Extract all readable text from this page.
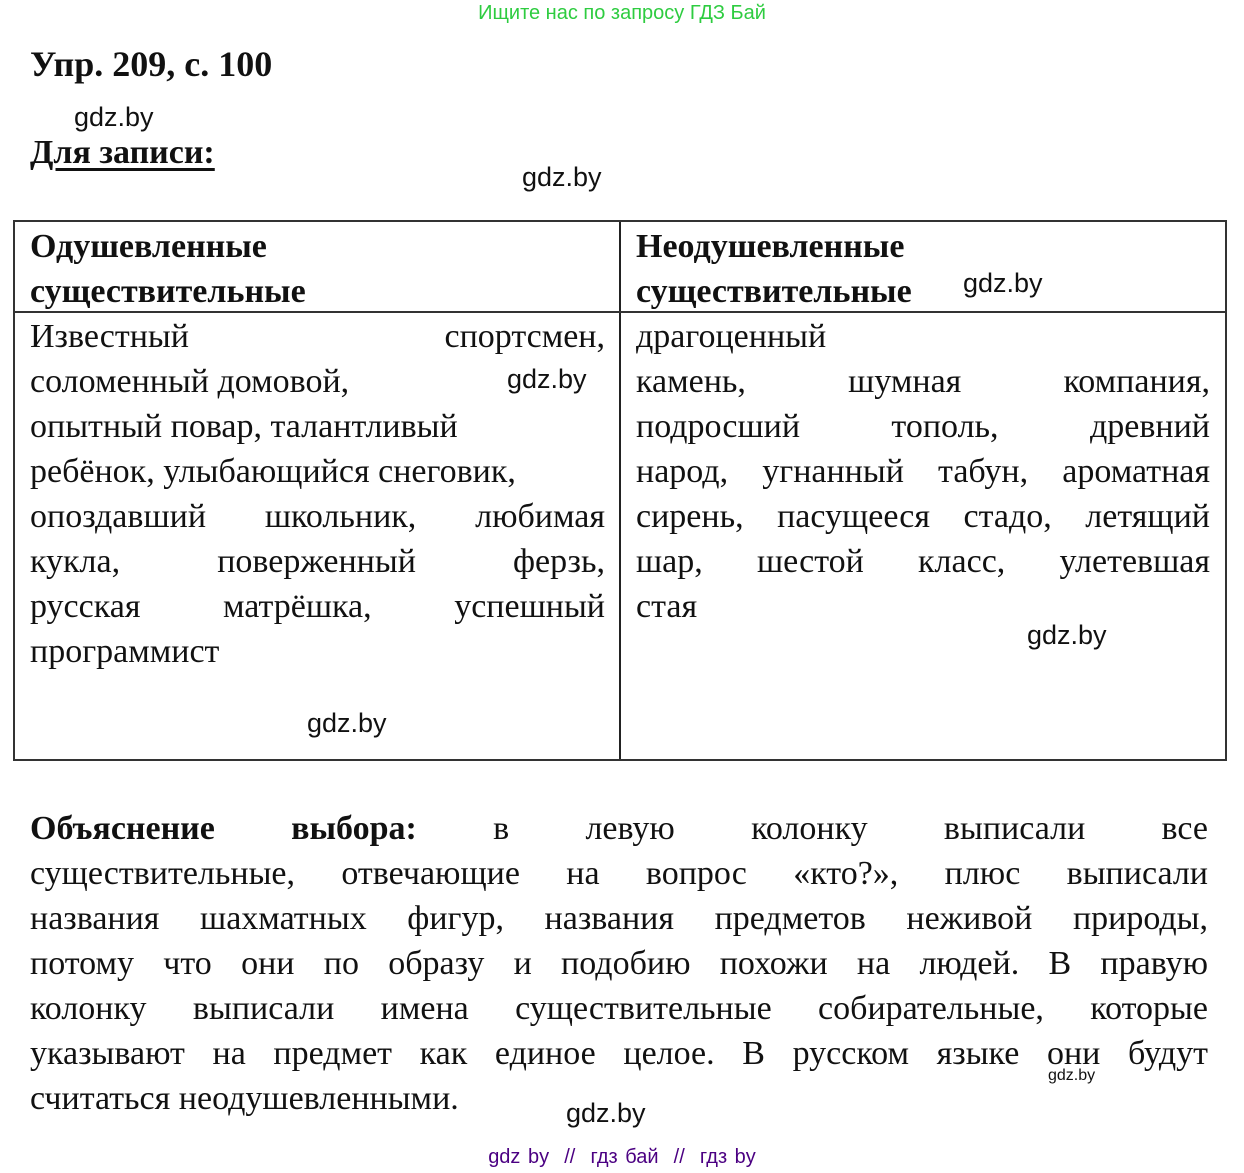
Ищите нас по запросу ГДЗ Бай
Упр. 209, с. 100
gdz.by
Для записи:
gdz.by
Одушевленные
существительные
Неодушевленные
существительные gdz.by
Известный спортсмен,
соломенный домовой,
опытный повар, талантливый
ребёнок, улыбающийся снеговик,
опоздавший школьник, любимая
кукла, поверженный ферзь,
русская матрёшка, успешный
программист
gdz.by
gdz.by
драгоценный
камень, шумная компания,
подросший тополь, древний
народ, угнанный табун, ароматная
сирень, пасущееся стадо, летящий
шар, шестой класс, улетевшая
стая
gdz.by
Объяснение выбора: в левую колонку выписали все
существительные, отвечающие на вопрос «кто?», плюс выписали
названия шахматных фигур, названия предметов неживой природы,
потому что они по образу и подобию похожи на людей. В правую
колонку выписали имена существительные собирательные, которые
указывают на предмет как единое целое. В русском языке они будут
считаться неодушевленными.
gdz.by
gdz.by
gdz by  //  гдз бай  //  гдз by
